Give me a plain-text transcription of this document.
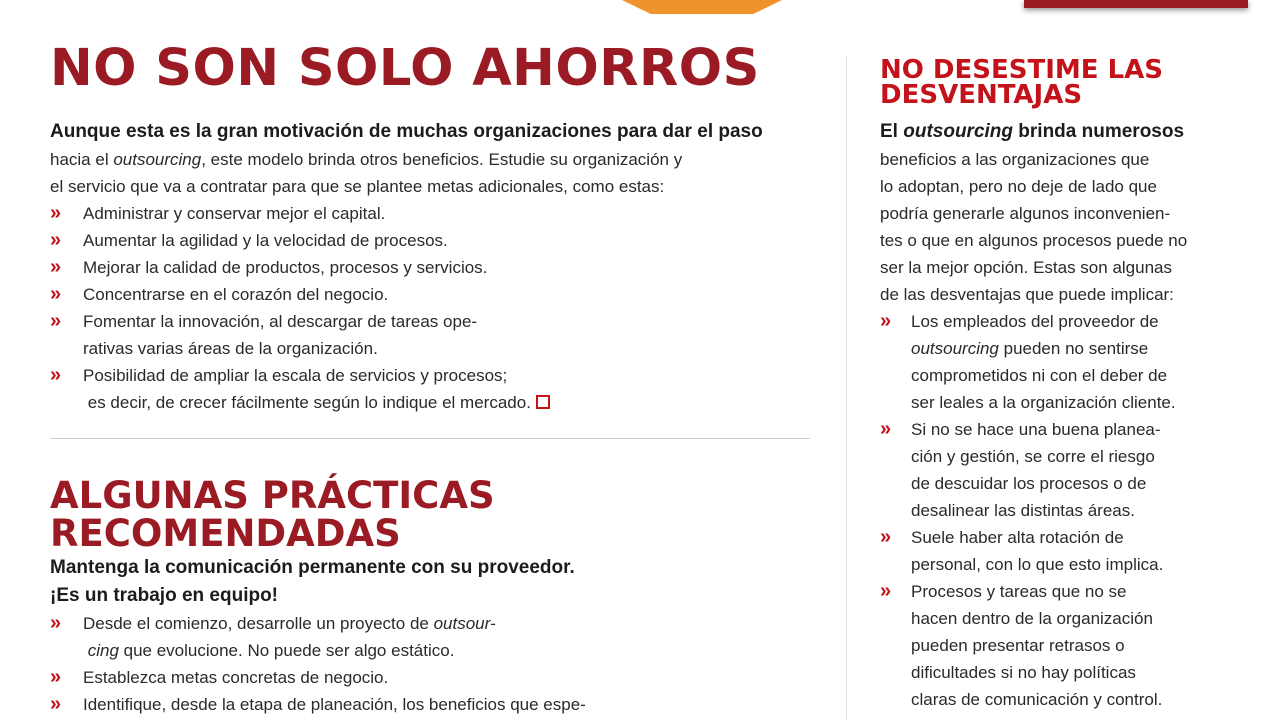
NO SON SOLO AHORROS
Aunque esta es la gran motivación de muchas organizaciones para dar el paso
hacia el outsourcing, este modelo brinda otros beneficios. Estudie su organización y
el servicio que va a contratar para que se plantee metas adicionales, como estas:
» Administrar y conservar mejor el capital.
» Aumentar la agilidad y la velocidad de procesos.
» Mejorar la calidad de productos, procesos y servicios.
» Concentrarse en el corazón del negocio.
» Fomentar la innovación, al descargar de tareas ope-
rativas varias áreas de la organización.
» Posibilidad de ampliar la escala de servicios y procesos;
es decir, de crecer fácilmente según lo indique el mercado.
ALGUNAS PRÁCTICAS
RECOMENDADAS
Mantenga la comunicación permanente con su proveedor.
¡Es un trabajo en equipo!
» Desde el comienzo, desarrolle un proyecto de outsour-
cing que evolucione. No puede ser algo estático.
» Establezca metas concretas de negocio.
» Identifique, desde la etapa de planeación, los beneficios que espe-
NO DESESTIME LAS
DESVENTAJAS
El outsourcing brinda numerosos
beneficios a las organizaciones que
lo adoptan, pero no deje de lado que
podría generarle algunos inconvenien-
tes o que en algunos procesos puede no
ser la mejor opción. Estas son algunas
de las desventajas que puede implicar:
» Los empleados del proveedor de
outsourcing pueden no sentirse
comprometidos ni con el deber de
ser leales a la organización cliente.
» Si no se hace una buena planea-
ción y gestión, se corre el riesgo
de descuidar los procesos o de
desalinear las distintas áreas.
» Suele haber alta rotación de
personal, con lo que esto implica.
» Procesos y tareas que no se
hacen dentro de la organización
pueden presentar retrasos o
dificultades si no hay políticas
claras de comunicación y control.
